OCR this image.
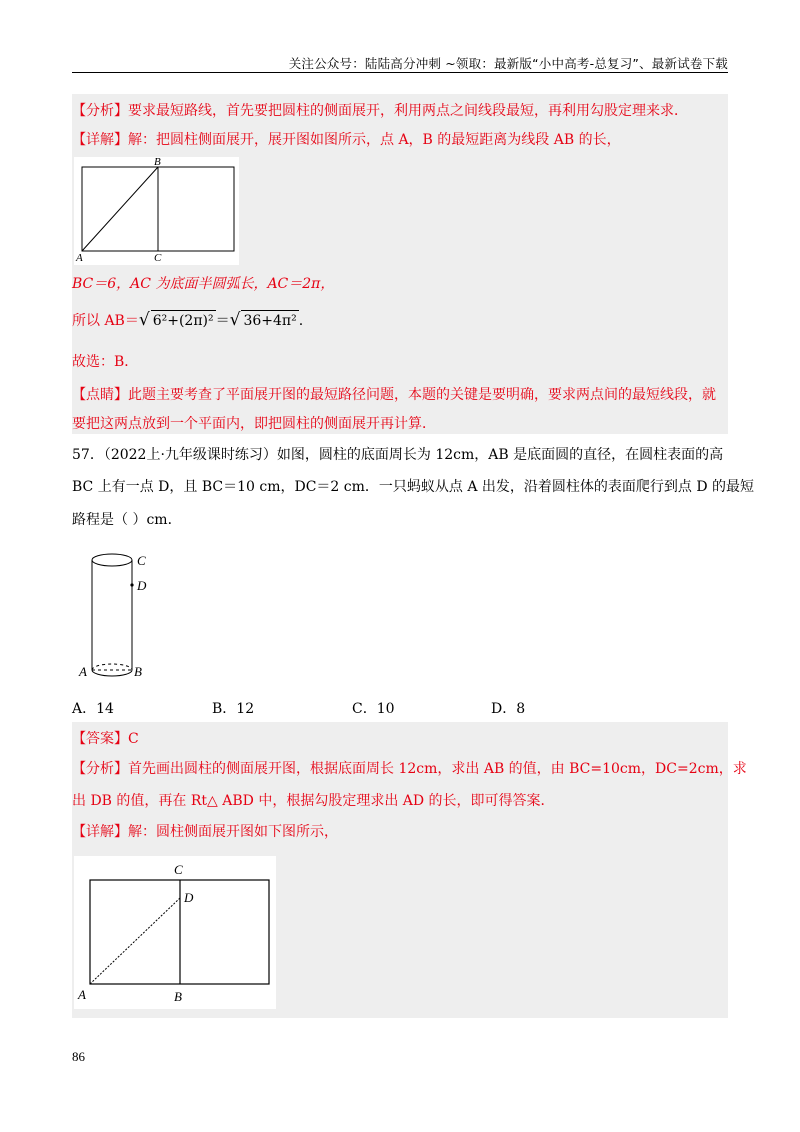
关注公众号：陆陆高分冲刺 ~领取：最新版“小中高考-总复习”、最新试卷下载
【分析】要求最短路线，首先要把圆柱的侧面展开，利用两点之间线段最短，再利用勾股定理来求．
【详解】解：把圆柱侧面展开，展开图如图所示，点 A，B 的最短距离为线段 AB 的长，
B
A	C
BC＝6，AC 为底面半圆弧长，AC＝2π，
所以 AB＝√ 6²+(2π)² ＝√ 36+4π² .
故选：B．
【点睛】此题主要考查了平面展开图的最短路径问题，本题的关键是要明确，要求两点间的最短线段，就
要把这两点放到一个平面内，即把圆柱的侧面展开再计算．
57．（2022上·九年级课时练习）如图，圆柱的底面周长为 12cm，AB 是底面圆的直径，在圆柱表面的高
BC 上有一点 D，且 BC＝10 cm，DC＝2 cm．一只蚂蚁从点 A 出发，沿着圆柱体的表面爬行到点 D 的最短
路程是（ ）cm．
C
D
A	B
A．14	B．12	C．10	D．8
【答案】C
【分析】首先画出圆柱的侧面展开图，根据底面周长 12cm，求出 AB 的值，由 BC=10cm，DC=2cm，求
出 DB 的值，再在 Rt△ ABD 中，根据勾股定理求出 AD 的长，即可得答案．
【详解】解：圆柱侧面展开图如下图所示，
C
D
A	B
86
